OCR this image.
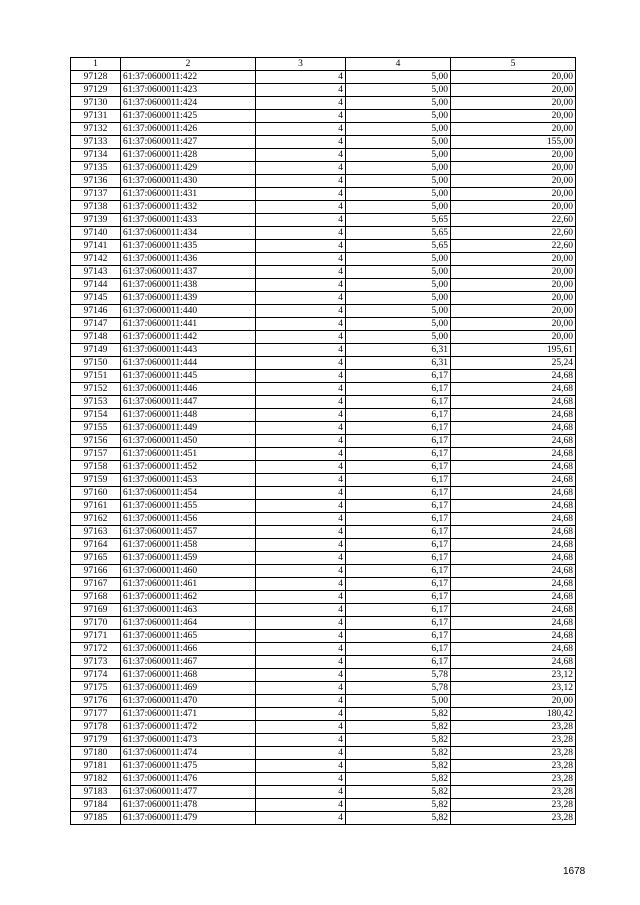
1	2	3	4	5
97128	61:37:0600011:422	4	5,00	20,00
97129	61:37:0600011:423	4	5,00	20,00
97130	61:37:0600011:424	4	5,00	20,00
97131	61:37:0600011:425	4	5,00	20,00
97132	61:37:0600011:426	4	5,00	20,00
97133	61:37:0600011:427	4	5,00	155,00
97134	61:37:0600011:428	4	5,00	20,00
97135	61:37:0600011:429	4	5,00	20,00
97136	61:37:0600011:430	4	5,00	20,00
97137	61:37:0600011:431	4	5,00	20,00
97138	61:37:0600011:432	4	5,00	20,00
97139	61:37:0600011:433	4	5,65	22,60
97140	61:37:0600011:434	4	5,65	22,60
97141	61:37:0600011:435	4	5,65	22,60
97142	61:37:0600011:436	4	5,00	20,00
97143	61:37:0600011:437	4	5,00	20,00
97144	61:37:0600011:438	4	5,00	20,00
97145	61:37:0600011:439	4	5,00	20,00
97146	61:37:0600011:440	4	5,00	20,00
97147	61:37:0600011:441	4	5,00	20,00
97148	61:37:0600011:442	4	5,00	20,00
97149	61:37:0600011:443	4	6,31	195,61
97150	61:37:0600011:444	4	6,31	25,24
97151	61:37:0600011:445	4	6,17	24,68
97152	61:37:0600011:446	4	6,17	24,68
97153	61:37:0600011:447	4	6,17	24,68
97154	61:37:0600011:448	4	6,17	24,68
97155	61:37:0600011:449	4	6,17	24,68
97156	61:37:0600011:450	4	6,17	24,68
97157	61:37:0600011:451	4	6,17	24,68
97158	61:37:0600011:452	4	6,17	24,68
97159	61:37:0600011:453	4	6,17	24,68
97160	61:37:0600011:454	4	6,17	24,68
97161	61:37:0600011:455	4	6,17	24,68
97162	61:37:0600011:456	4	6,17	24,68
97163	61:37:0600011:457	4	6,17	24,68
97164	61:37:0600011:458	4	6,17	24,68
97165	61:37:0600011:459	4	6,17	24,68
97166	61:37:0600011:460	4	6,17	24,68
97167	61:37:0600011:461	4	6,17	24,68
97168	61:37:0600011:462	4	6,17	24,68
97169	61:37:0600011:463	4	6,17	24,68
97170	61:37:0600011:464	4	6,17	24,68
97171	61:37:0600011:465	4	6,17	24,68
97172	61:37:0600011:466	4	6,17	24,68
97173	61:37:0600011:467	4	6,17	24,68
97174	61:37:0600011:468	4	5,78	23,12
97175	61:37:0600011:469	4	5,78	23,12
97176	61:37:0600011:470	4	5,00	20,00
97177	61:37:0600011:471	4	5,82	180,42
97178	61:37:0600011:472	4	5,82	23,28
97179	61:37:0600011:473	4	5,82	23,28
97180	61:37:0600011:474	4	5,82	23,28
97181	61:37:0600011:475	4	5,82	23,28
97182	61:37:0600011:476	4	5,82	23,28
97183	61:37:0600011:477	4	5,82	23,28
97184	61:37:0600011:478	4	5,82	23,28
97185	61:37:0600011:479	4	5,82	23,28
1678
